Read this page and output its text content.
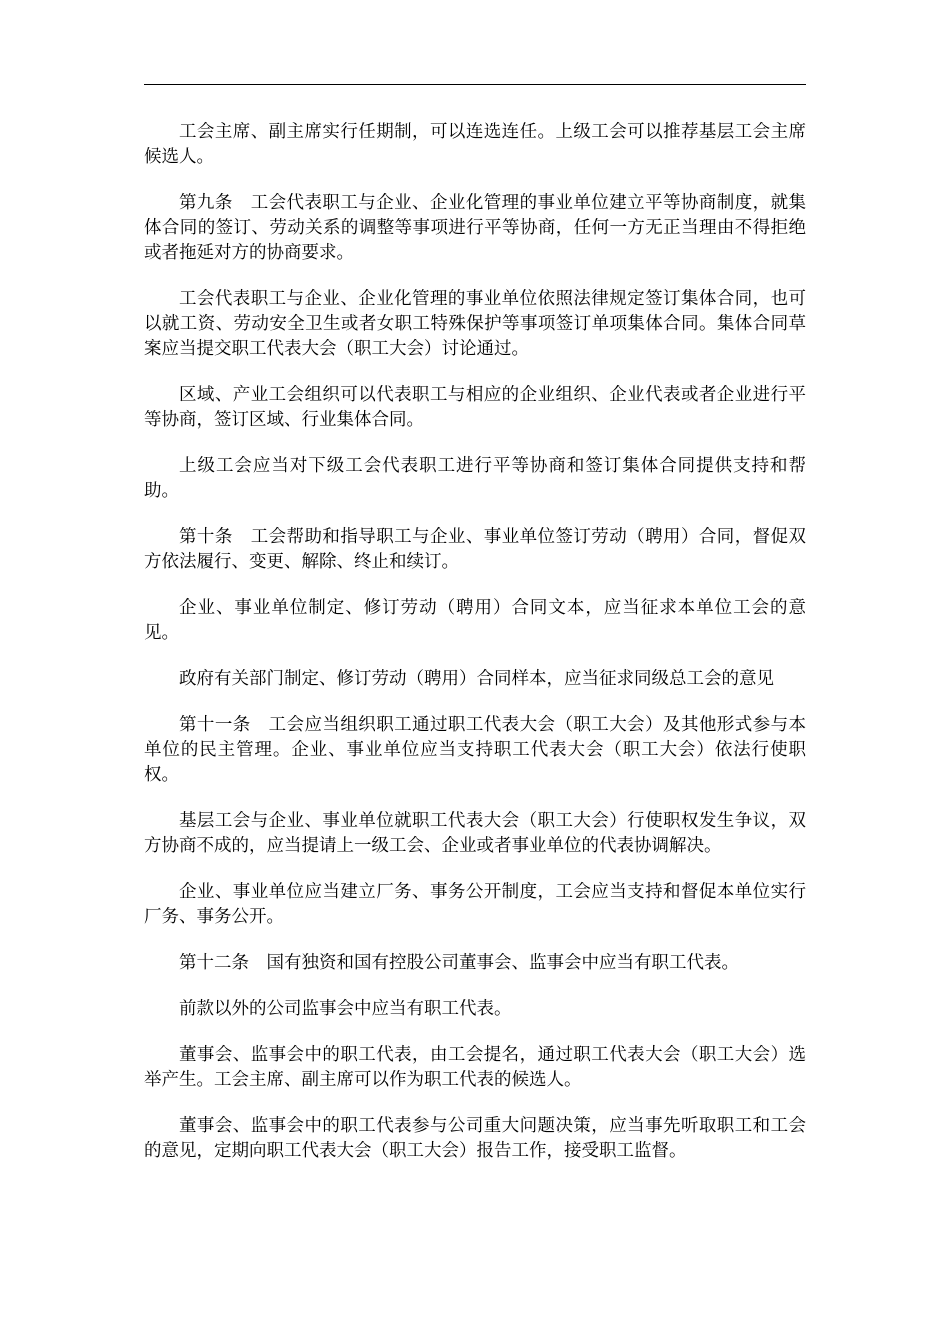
工会主席、副主席实行任期制，可以连选连任。上级工会可以推荐基层工会主席候选人。

第九条　工会代表职工与企业、企业化管理的事业单位建立平等协商制度，就集体合同的签订、劳动关系的调整等事项进行平等协商，任何一方无正当理由不得拒绝或者拖延对方的协商要求。

工会代表职工与企业、企业化管理的事业单位依照法律规定签订集体合同，也可以就工资、劳动安全卫生或者女职工特殊保护等事项签订单项集体合同。集体合同草案应当提交职工代表大会（职工大会）讨论通过。

区域、产业工会组织可以代表职工与相应的企业组织、企业代表或者企业进行平等协商，签订区域、行业集体合同。

上级工会应当对下级工会代表职工进行平等协商和签订集体合同提供支持和帮助。

第十条　工会帮助和指导职工与企业、事业单位签订劳动（聘用）合同，督促双方依法履行、变更、解除、终止和续订。

企业、事业单位制定、修订劳动（聘用）合同文本，应当征求本单位工会的意见。

政府有关部门制定、修订劳动（聘用）合同样本，应当征求同级总工会的意见

第十一条　工会应当组织职工通过职工代表大会（职工大会）及其他形式参与本单位的民主管理。企业、事业单位应当支持职工代表大会（职工大会）依法行使职权。

基层工会与企业、事业单位就职工代表大会（职工大会）行使职权发生争议，双方协商不成的，应当提请上一级工会、企业或者事业单位的代表协调解决。

企业、事业单位应当建立厂务、事务公开制度，工会应当支持和督促本单位实行厂务、事务公开。

第十二条　国有独资和国有控股公司董事会、监事会中应当有职工代表。

前款以外的公司监事会中应当有职工代表。

董事会、监事会中的职工代表，由工会提名，通过职工代表大会（职工大会）选举产生。工会主席、副主席可以作为职工代表的候选人。

董事会、监事会中的职工代表参与公司重大问题决策，应当事先听取职工和工会的意见，定期向职工代表大会（职工大会）报告工作，接受职工监督。
